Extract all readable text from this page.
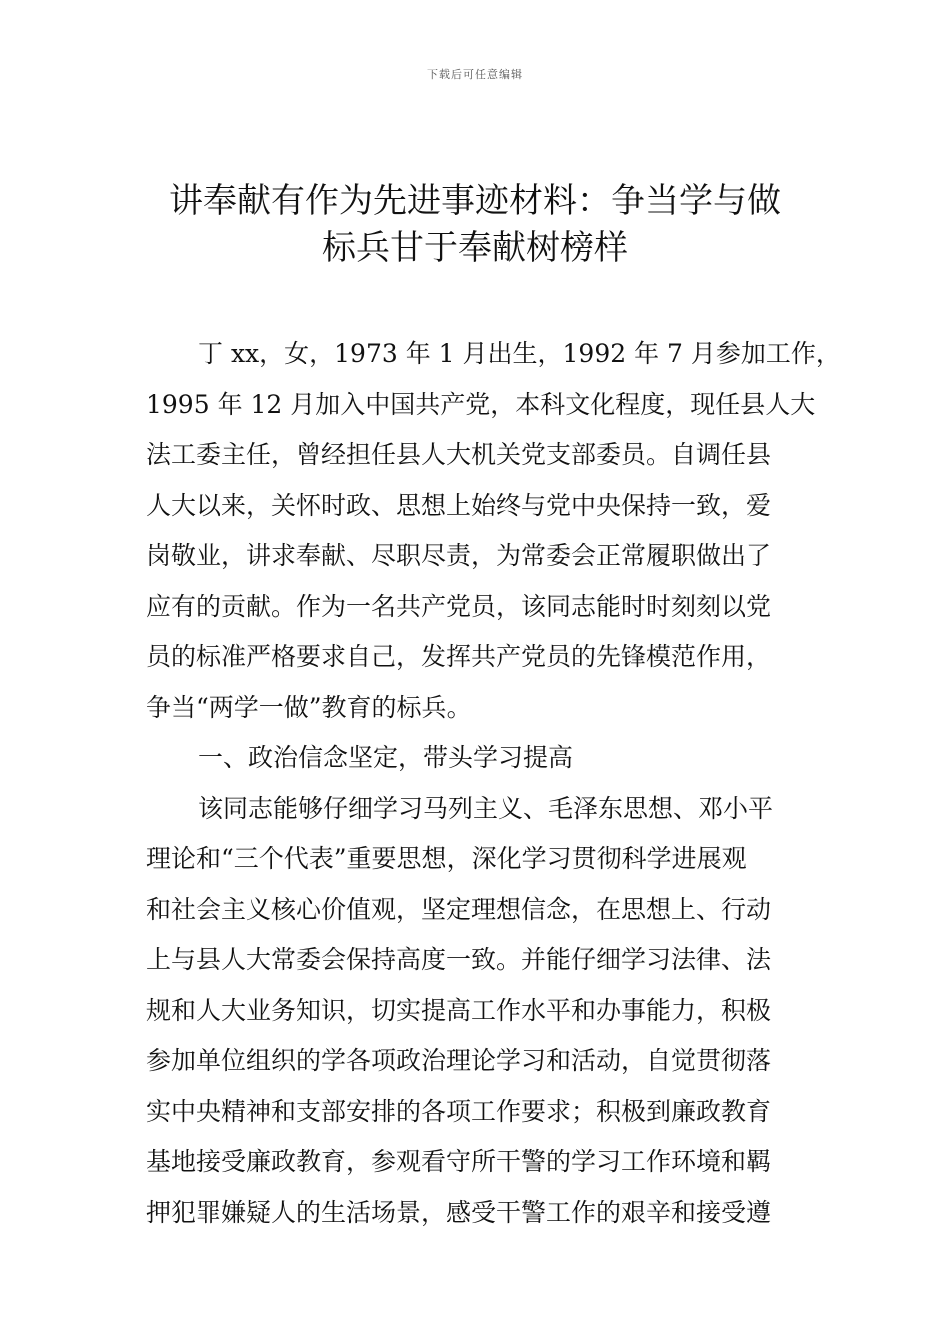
下载后可任意编辑
讲奉献有作为先进事迹材料：争当学与做
标兵甘于奉献树榜样
丁 xx，女，1973 年 1 月出生，1992 年 7 月参加工作，
1995 年 12 月加入中国共产党，本科文化程度，现任县人大
法工委主任，曾经担任县人大机关党支部委员。自调任县
人大以来，关怀时政、思想上始终与党中央保持一致，爱
岗敬业，讲求奉献、尽职尽责，为常委会正常履职做出了
应有的贡献。作为一名共产党员，该同志能时时刻刻以党
员的标准严格要求自己，发挥共产党员的先锋模范作用，
争当“两学一做”教育的标兵。
一、政治信念坚定，带头学习提高
该同志能够仔细学习马列主义、毛泽东思想、邓小平
理论和“三个代表”重要思想，深化学习贯彻科学进展观
和社会主义核心价值观，坚定理想信念，在思想上、行动
上与县人大常委会保持高度一致。并能仔细学习法律、法
规和人大业务知识，切实提高工作水平和办事能力，积极
参加单位组织的学各项政治理论学习和活动，自觉贯彻落
实中央精神和支部安排的各项工作要求；积极到廉政教育
基地接受廉政教育，参观看守所干警的学习工作环境和羁
押犯罪嫌疑人的生活场景，感受干警工作的艰辛和接受遵
